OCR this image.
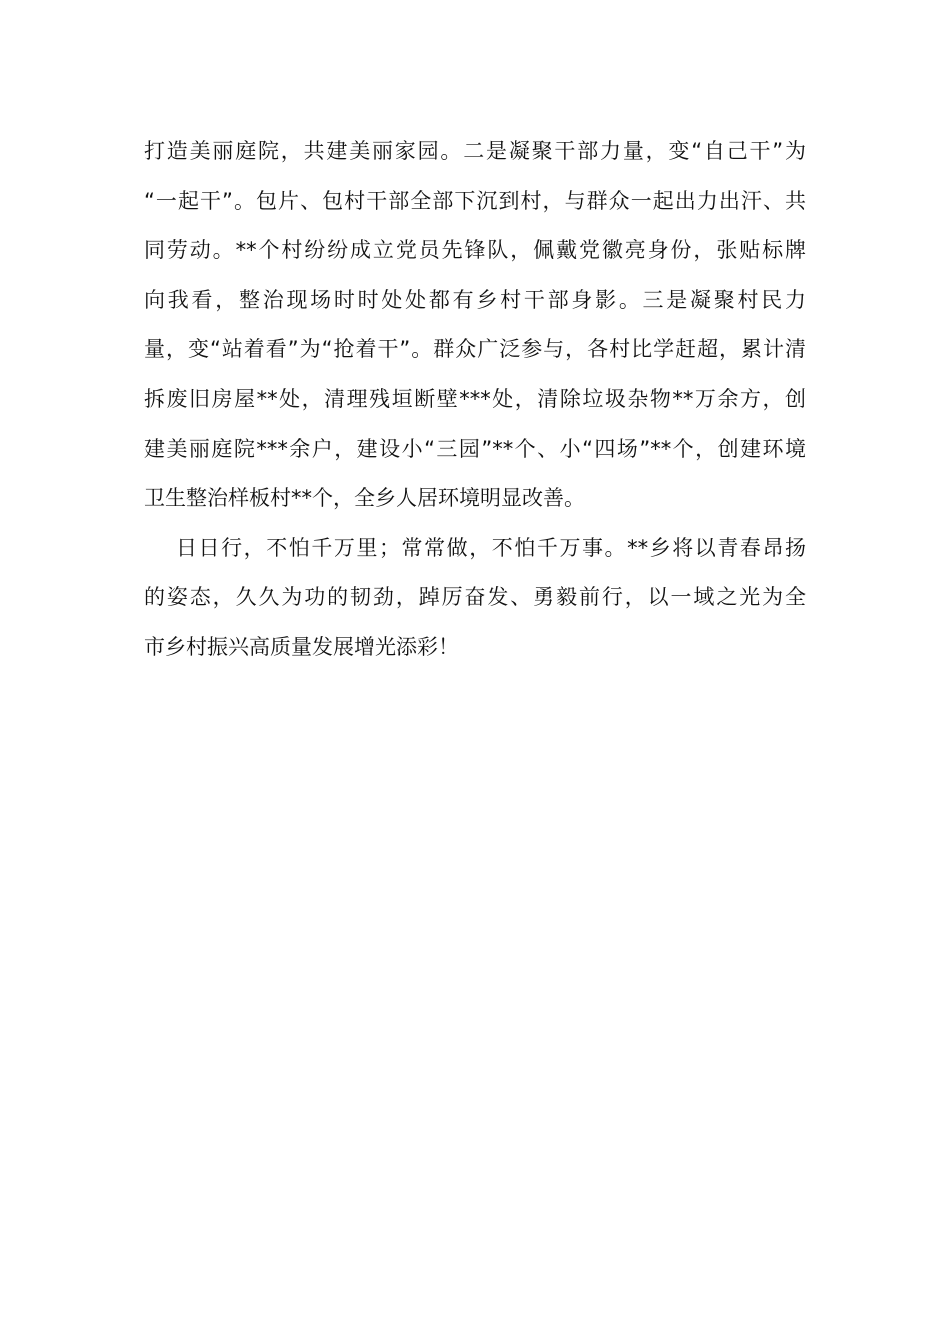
打造美丽庭院，共建美丽家园。二是凝聚干部力量，变“自己干”为
“一起干”。包片、包村干部全部下沉到村，与群众一起出力出汗、共
同劳动。**个村纷纷成立党员先锋队，佩戴党徽亮身份，张贴标牌
向我看，整治现场时时处处都有乡村干部身影。三是凝聚村民力
量，变“站着看”为“抢着干”。群众广泛参与，各村比学赶超，累计清
拆废旧房屋**处，清理残垣断壁***处，清除垃圾杂物**万余方，创
建美丽庭院***余户，建设小“三园”**个、小“四场”**个，创建环境
卫生整治样板村**个，全乡人居环境明显改善。
日日行，不怕千万里；常常做，不怕千万事。**乡将以青春昂扬
的姿态，久久为功的韧劲，踔厉奋发、勇毅前行，以一域之光为全
市乡村振兴高质量发展增光添彩！
